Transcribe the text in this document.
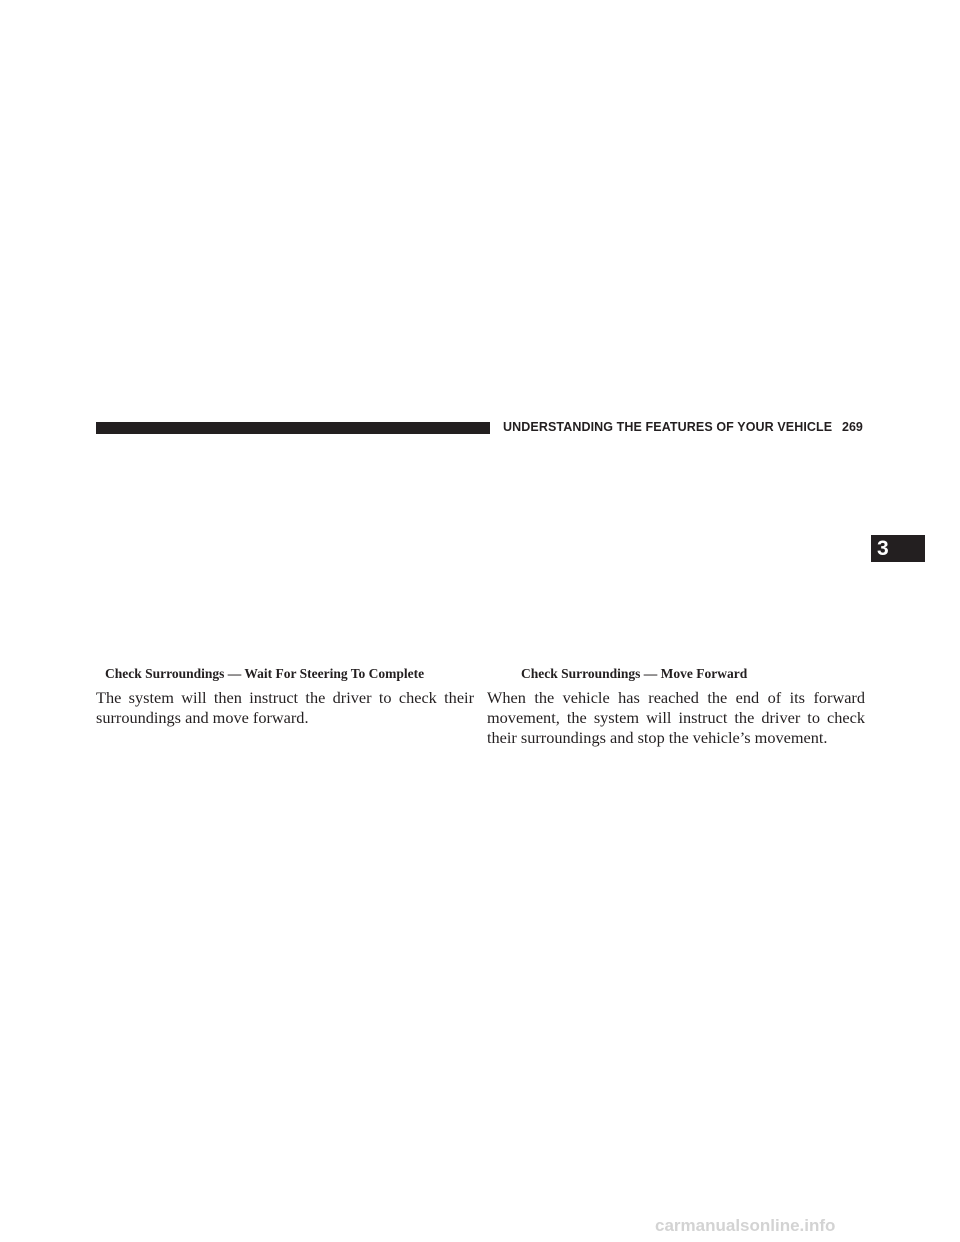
UNDERSTANDING THE FEATURES OF YOUR VEHICLE 269
3
Check Surroundings — Wait For Steering To Complete	Check Surroundings — Move Forward
The system will then instruct the driver to check their
surroundings and move forward.
When the vehicle has reached the end of its forward
movement, the system will instruct the driver to check
their surroundings and stop the vehicle’s movement.
carmanualsonline.info
